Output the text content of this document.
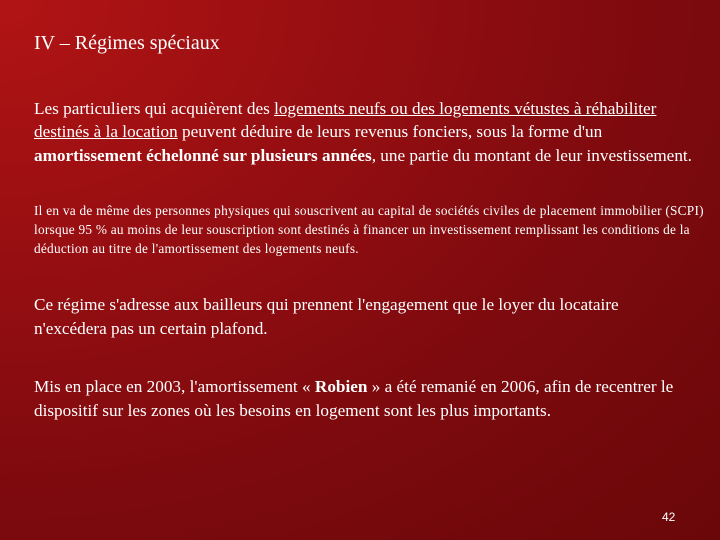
IV – Régimes spéciaux

Les particuliers qui acquièrent des logements neufs ou des logements vétustes à réhabiliter destinés à la location peuvent déduire de leurs revenus fonciers, sous la forme d'un amortissement échelonné sur plusieurs années, une partie du montant de leur investissement.

Il en va de même des personnes physiques qui souscrivent au capital de sociétés civiles de placement immobilier (SCPI) lorsque 95 % au moins de leur souscription sont destinés à financer un investissement remplissant les conditions de la déduction au titre de l'amortissement des logements neufs.

Ce régime s'adresse aux bailleurs qui prennent l'engagement que le loyer du locataire n'excédera pas un certain plafond.

Mis en place en 2003, l'amortissement « Robien » a été remanié en 2006, afin de recentrer le dispositif sur les zones où les besoins en logement sont les plus importants.

42
